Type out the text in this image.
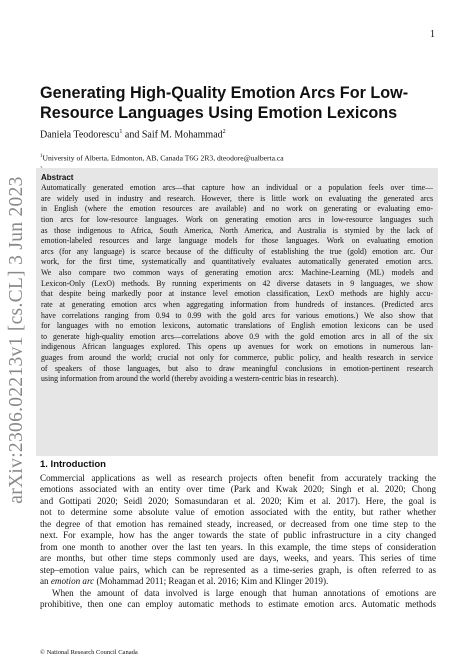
1
arXiv:2306.02213v1 [cs.CL] 3 Jun 2023
Generating High-Quality Emotion Arcs For Low-Resource Languages Using Emotion Lexicons
Daniela Teodorescu$^1$ and Saif M. Mohammad$^2$
$^1$University of Alberta, Edmonton, AB, Canada T6G 2R3, dteodore@ualberta.ca
Abstract
Automatically generated emotion arcs—that capture how an individual or a population feels over time—
are widely used in industry and research. However, there is little work on evaluating the generated arcs
in English (where the emotion resources are available) and no work on generating or evaluating emo-
tion arcs for low-resource languages. Work on generating emotion arcs in low-resource languages such
as those indigenous to Africa, South America, North America, and Australia is stymied by the lack of
emotion-labeled resources and large language models for those languages. Work on evaluating emotion
arcs (for any language) is scarce because of the difficulty of establishing the true (gold) emotion arc. Our
work, for the first time, systematically and quantitatively evaluates automatically generated emotion arcs.
We also compare two common ways of generating emotion arcs: Machine-Learning (ML) models and
Lexicon-Only (LexO) methods. By running experiments on 42 diverse datasets in 9 languages, we show
that despite being markedly poor at instance level emotion classification, LexO methods are highly accu-
rate at generating emotion arcs when aggregating information from hundreds of instances. (Predicted arcs
have correlations ranging from 0.94 to 0.99 with the gold arcs for various emotions.) We also show that
for languages with no emotion lexicons, automatic translations of English emotion lexicons can be used
to generate high-quality emotion arcs—correlations above 0.9 with the gold emotion arcs in all of the six
indigenous African languages explored. This opens up avenues for work on emotions in numerous lan-
guages from around the world; crucial not only for commerce, public policy, and health research in service
of speakers of those languages, but also to draw meaningful conclusions in emotion-pertinent research
using information from around the world (thereby avoiding a western-centric bias in research).
1. Introduction
Commercial applications as well as research projects often benefit from accurately tracking the
emotions associated with an entity over time (Park and Kwak 2020; Singh et al. 2020; Chong
and Gottipati 2020; Seidl 2020; Somasundaran et al. 2020; Kim et al. 2017). Here, the goal is
not to determine some absolute value of emotion associated with the entity, but rather whether
the degree of that emotion has remained steady, increased, or decreased from one time step to the
next. For example, how has the anger towards the state of public infrastructure in a city changed
from one month to another over the last ten years. In this example, the time steps of consideration
are months, but other time steps commonly used are days, weeks, and years. This series of time
step–emotion value pairs, which can be represented as a time-series graph, is often referred to as
an emotion arc (Mohammad 2011; Reagan et al. 2016; Kim and Klinger 2019).
When the amount of data involved is large enough that human annotations of emotions are
prohibitive, then one can employ automatic methods to estimate emotion arcs. Automatic methods
© National Research Council Canada
